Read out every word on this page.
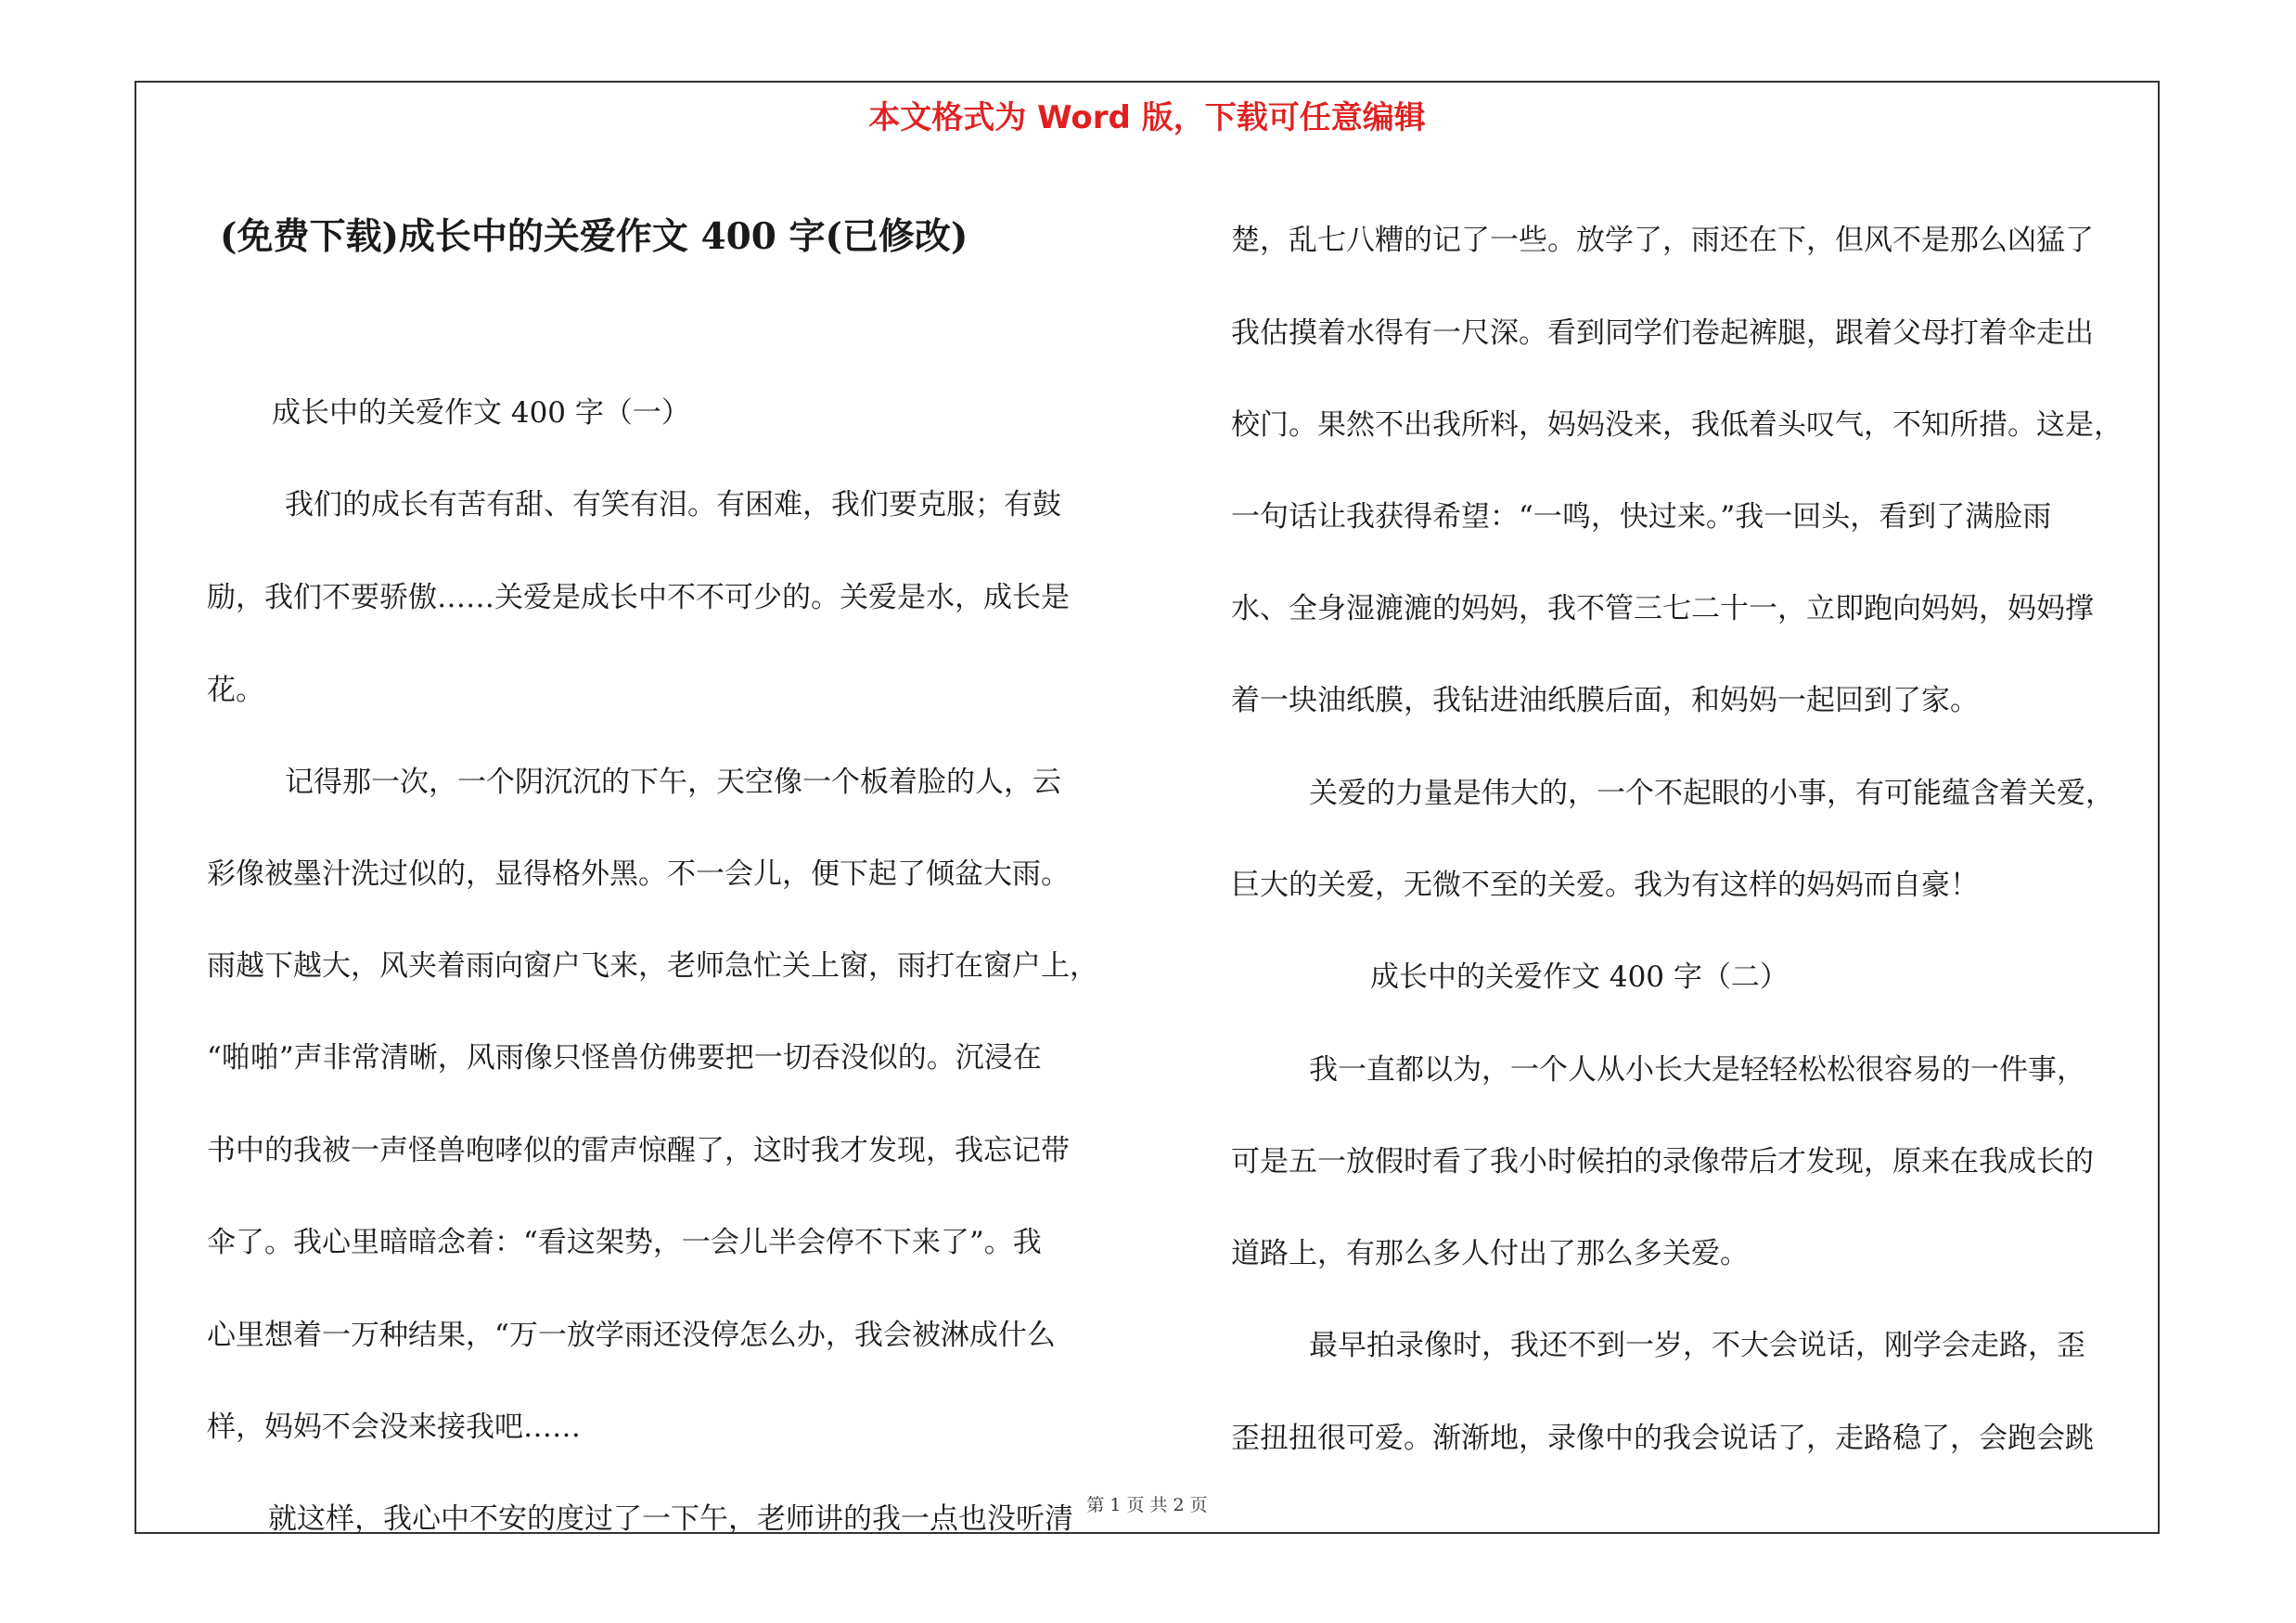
本文格式为 Word 版，下载可任意编辑
(免费下载)成长中的关爱作文 400 字(已修改)
成长中的关爱作文 400 字（一）
我们的成长有苦有甜、有笑有泪。有困难，我们要克服；有鼓
励，我们不要骄傲……关爱是成长中不不可少的。关爱是水，成长是
花。
记得那一次，一个阴沉沉的下午，天空像一个板着脸的人，云
彩像被墨汁洗过似的，显得格外黑。不一会儿，便下起了倾盆大雨。
雨越下越大，风夹着雨向窗户飞来，老师急忙关上窗，雨打在窗户上，
“啪啪”声非常清晰，风雨像只怪兽仿佛要把一切吞没似的。沉浸在
书中的我被一声怪兽咆哮似的雷声惊醒了，这时我才发现，我忘记带
伞了。我心里暗暗念着：“看这架势，一会儿半会停不下来了”。我
心里想着一万种结果，“万一放学雨还没停怎么办，我会被淋成什么
样，妈妈不会没来接我吧……
就这样，我心中不安的度过了一下午，老师讲的我一点也没听清
楚，乱七八糟的记了一些。放学了，雨还在下，但风不是那么凶猛了
我估摸着水得有一尺深。看到同学们卷起裤腿，跟着父母打着伞走出
校门。果然不出我所料，妈妈没来，我低着头叹气，不知所措。这是，
一句话让我获得希望：“一鸣，快过来。”我一回头，看到了满脸雨
水、全身湿漉漉的妈妈，我不管三七二十一，立即跑向妈妈，妈妈撑
着一块油纸膜，我钻进油纸膜后面，和妈妈一起回到了家。
关爱的力量是伟大的，一个不起眼的小事，有可能蕴含着关爱，
巨大的关爱，无微不至的关爱。我为有这样的妈妈而自豪！
成长中的关爱作文 400 字（二）
我一直都以为，一个人从小长大是轻轻松松很容易的一件事，
可是五一放假时看了我小时候拍的录像带后才发现，原来在我成长的
道路上，有那么多人付出了那么多关爱。
最早拍录像时，我还不到一岁，不大会说话，刚学会走路，歪
歪扭扭很可爱。渐渐地，录像中的我会说话了，走路稳了，会跑会跳
第 1 页 共 2 页
